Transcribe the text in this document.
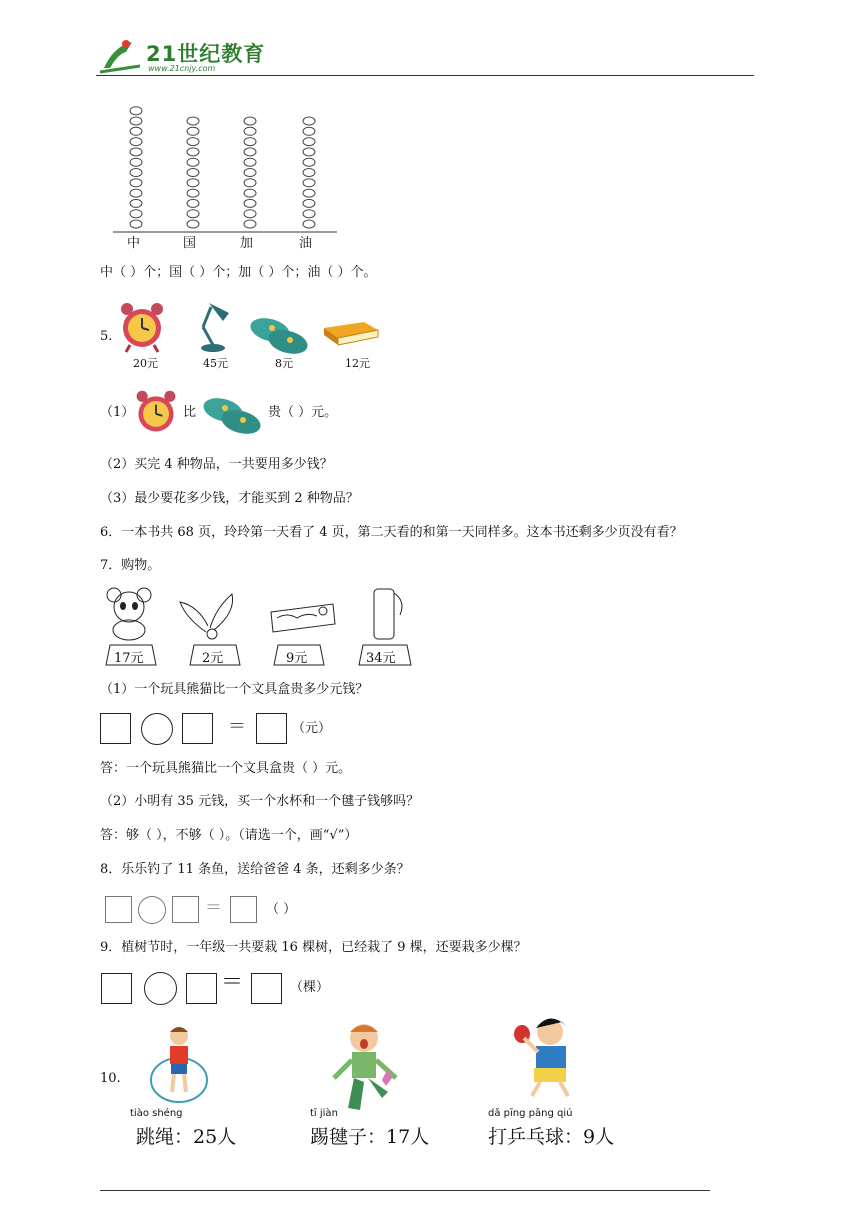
21世纪教育
www.21cnjy.com
中	国	加	油
中（ ）个；国（ ）个；加（ ）个；油（ ）个。
5.
20元	45元	8元	12元
（1）	比	贵（ ）元。
（2）买完 4 种物品，一共要用多少钱？
（3）最少要花多少钱，才能买到 2 种物品？
6．一本书共 68 页，玲玲第一天看了 4 页，第二天看的和第一天同样多。这本书还剩多少页没有看？
7．购物。
17元	2元	9元	34元
（1）一个玩具熊猫比一个文具盒贵多少元钱？
＝	（元）
答：一个玩具熊猫比一个文具盒贵（ ）元。
（2）小明有 35 元钱，买一个水杯和一个毽子钱够吗？
答：够（ ），不够（ ）。（请选一个，画“√”）
8．乐乐钓了 11 条鱼，送给爸爸 4 条，还剩多少条？
＝	（ ）
9．植树节时，一年级一共要栽 16 棵树，已经栽了 9 棵，还要栽多少棵？
＝	（棵）
10.
tiào shéng
跳绳：25人
tī jiàn
踢毽子：17人
dǎ pīng pāng qiú
打乒乓球：9人
